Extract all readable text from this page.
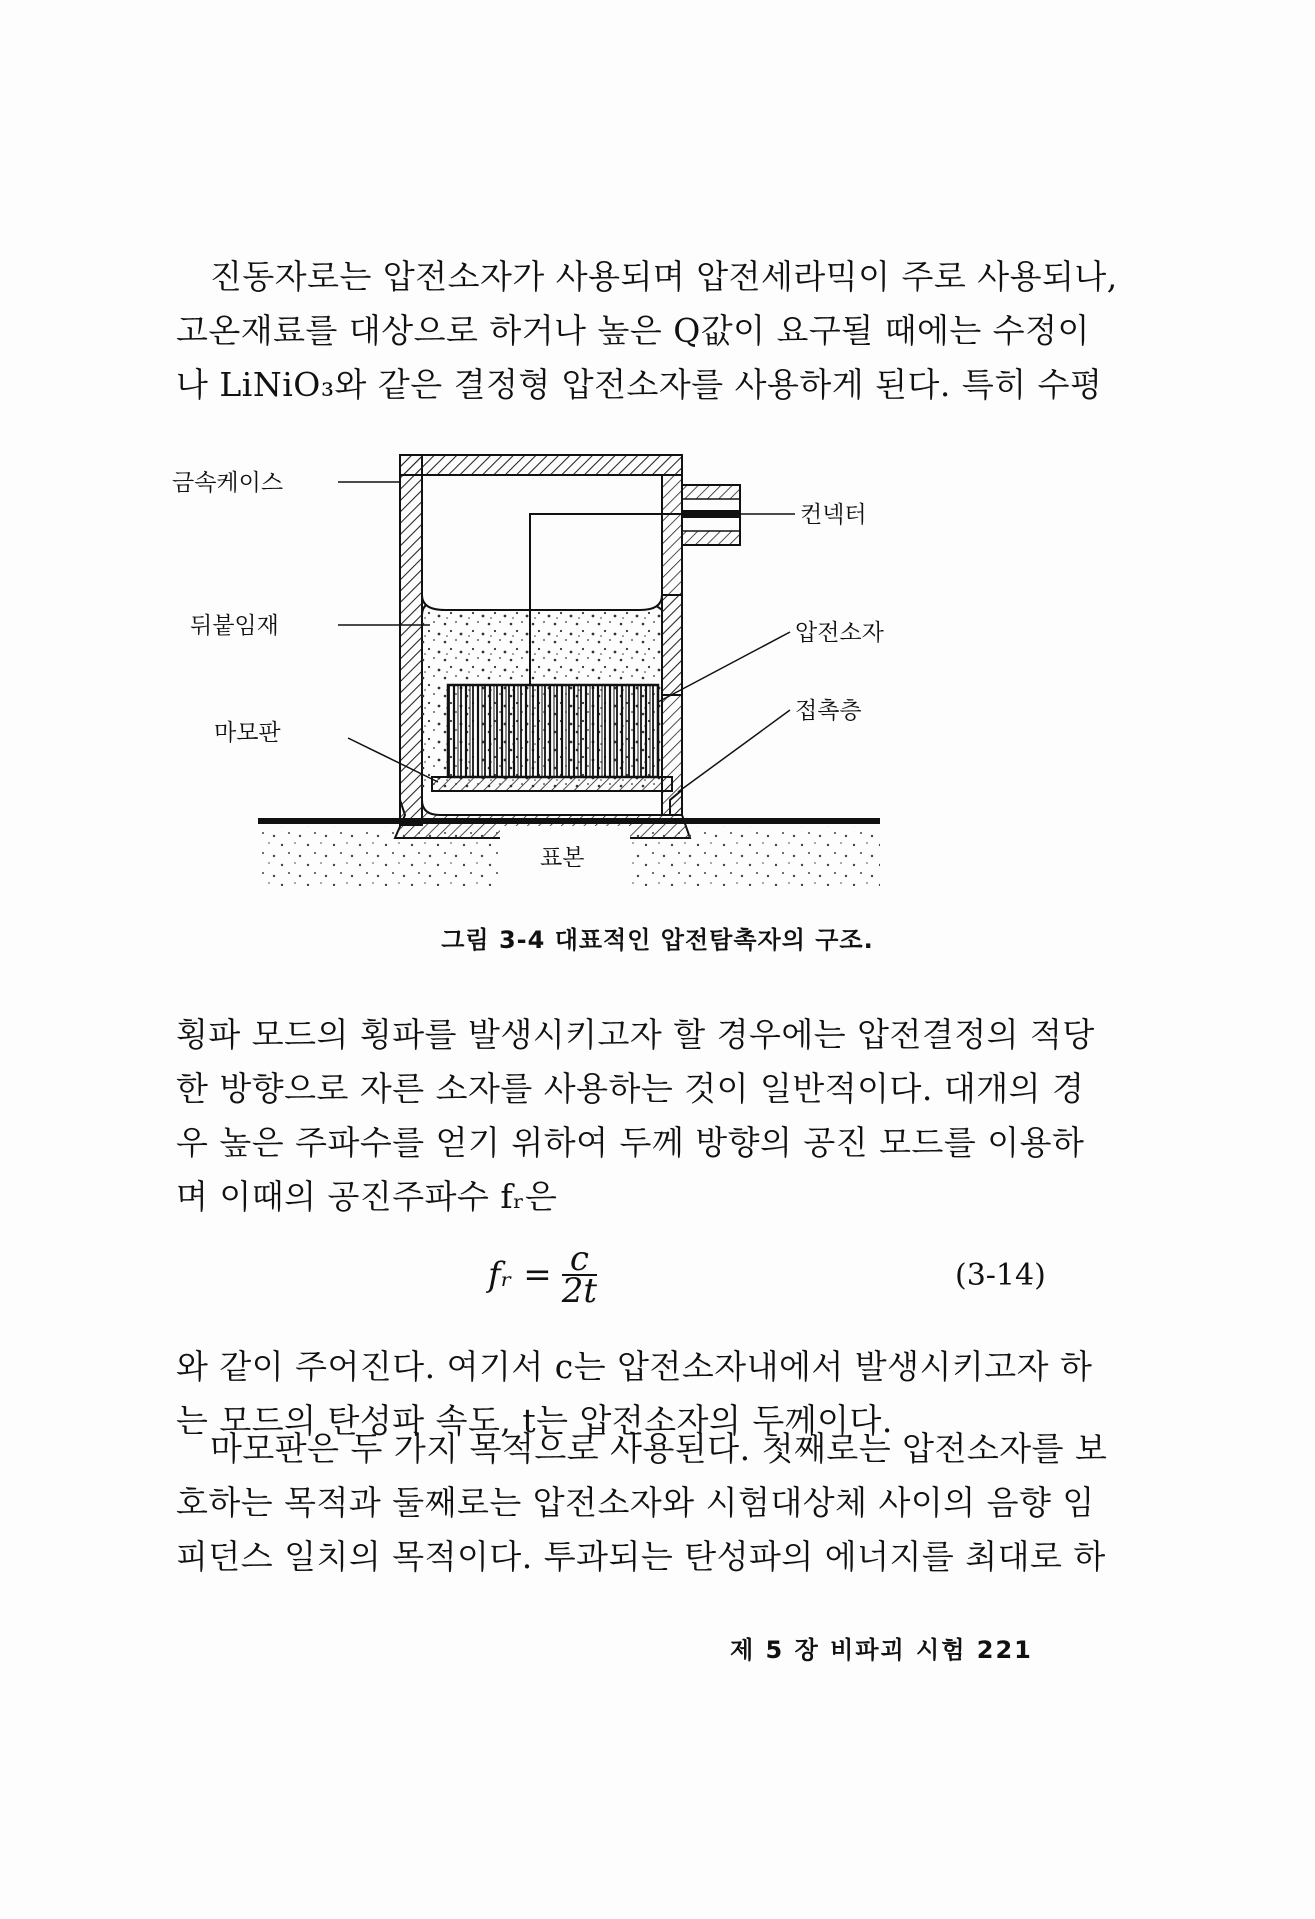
진동자로는 압전소자가 사용되며 압전세라믹이 주로 사용되나,
고온재료를 대상으로 하거나 높은 Q값이 요구될 때에는 수정이
나 LiNiO₃와 같은 결정형 압전소자를 사용하게 된다. 특히 수평
금속케이스
뒤붙임재
마모판
컨넥터
압전소자
접촉층
표본
그림 3-4 대표적인 압전탐촉자의 구조.
횡파 모드의 횡파를 발생시키고자 할 경우에는 압전결정의 적당
한 방향으로 자른 소자를 사용하는 것이 일반적이다. 대개의 경
우 높은 주파수를 얻기 위하여 두께 방향의 공진 모드를 이용하
며 이때의 공진주파수 fᵣ은
fᵣ = $\frac{c}{2t}$	(3-14)
와 같이 주어진다. 여기서 c는 압전소자내에서 발생시키고자 하
는 모드의 탄성파 속도, t는 압전소자의 두께이다.
마모판은 두 가지 목적으로 사용된다. 첫째로는 압전소자를 보
호하는 목적과 둘째로는 압전소자와 시험대상체 사이의 음향 임
피던스 일치의 목적이다. 투과되는 탄성파의 에너지를 최대로 하
제 5 장 비파괴 시험 221
